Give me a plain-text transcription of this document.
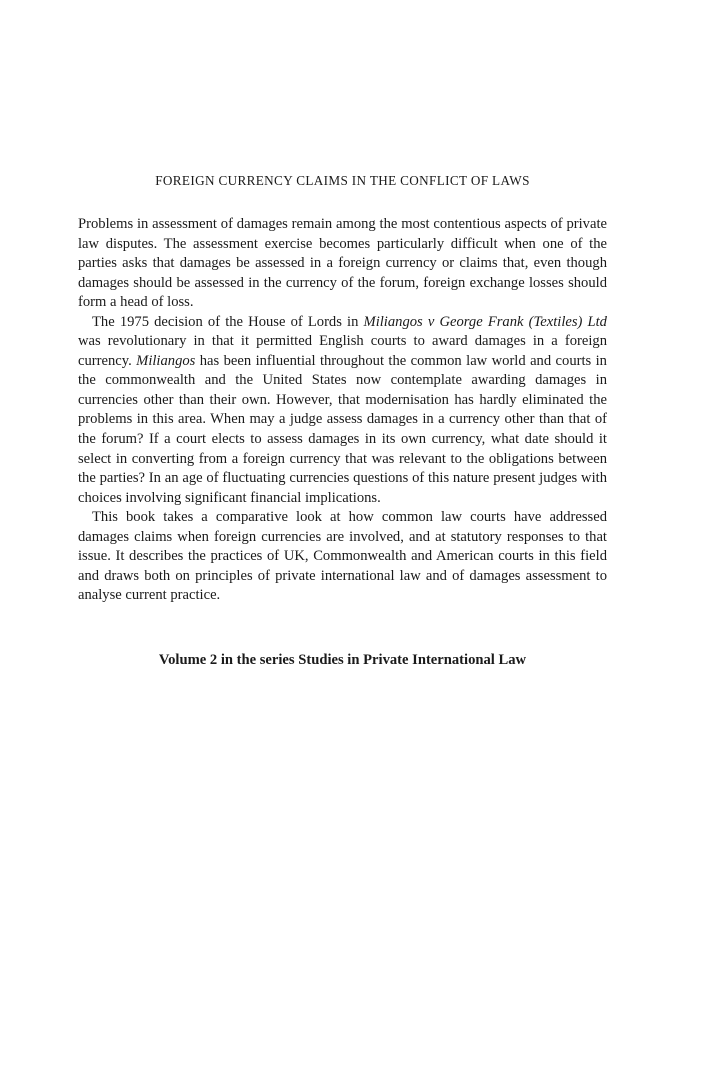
FOREIGN CURRENCY CLAIMS IN THE CONFLICT OF LAWS

Problems in assessment of damages remain among the most contentious aspects of private law disputes. The assessment exercise becomes particularly difficult when one of the parties asks that damages be assessed in a foreign currency or claims that, even though damages should be assessed in the currency of the forum, foreign exchange losses should form a head of loss.

The 1975 decision of the House of Lords in Miliangos v George Frank (Textiles) Ltd was revolutionary in that it permitted English courts to award damages in a foreign currency. Miliangos has been influential throughout the common law world and courts in the commonwealth and the United States now contemplate awarding damages in currencies other than their own. However, that modernisation has hardly eliminated the problems in this area. When may a judge assess damages in a currency other than that of the forum? If a court elects to assess damages in its own currency, what date should it select in converting from a foreign currency that was relevant to the obligations between the parties? In an age of fluctuating currencies questions of this nature present judges with choices involving significant financial implications.

This book takes a comparative look at how common law courts have addressed damages claims when foreign currencies are involved, and at statutory responses to that issue. It describes the practices of UK, Commonwealth and American courts in this field and draws both on principles of private international law and of damages assessment to analyse current practice.

Volume 2 in the series Studies in Private International Law
